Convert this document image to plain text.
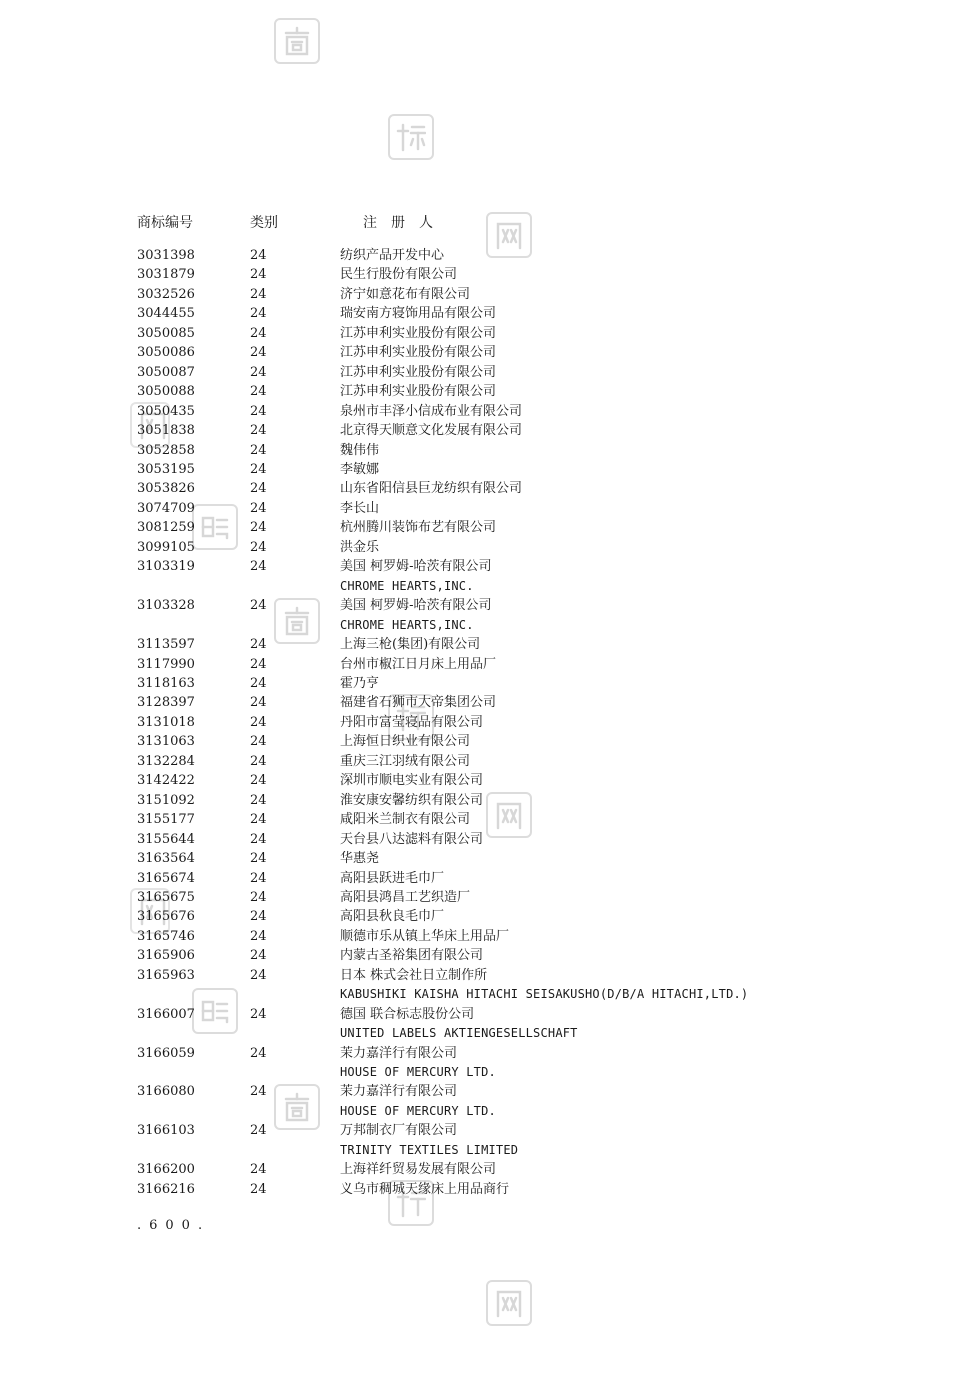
商标编号	类别	注册人
3031398	24	纺织产品开发中心
3031879	24	民生行股份有限公司
3032526	24	济宁如意花布有限公司
3044455	24	瑞安南方寝饰用品有限公司
3050085	24	江苏申利实业股份有限公司
3050086	24	江苏申利实业股份有限公司
3050087	24	江苏申利实业股份有限公司
3050088	24	江苏申利实业股份有限公司
3050435	24	泉州市丰泽小信成布业有限公司
3051838	24	北京得天顺意文化发展有限公司
3052858	24	魏伟伟
3053195	24	李敏娜
3053826	24	山东省阳信县巨龙纺织有限公司
3074709	24	李长山
3081259	24	杭州腾川装饰布艺有限公司
3099105	24	洪金乐
3103319	24	美国 柯罗姆-哈茨有限公司
CHROME HEARTS,INC.
3103328	24	美国 柯罗姆-哈茨有限公司
CHROME HEARTS,INC.
3113597	24	上海三枪(集团)有限公司
3117990	24	台州市椒江日月床上用品厂
3118163	24	霍乃亨
3128397	24	福建省石狮市大帝集团公司
3131018	24	丹阳市富莹寝品有限公司
3131063	24	上海恒日织业有限公司
3132284	24	重庆三江羽绒有限公司
3142422	24	深圳市顺电实业有限公司
3151092	24	淮安康安馨纺织有限公司
3155177	24	咸阳米兰制衣有限公司
3155644	24	天台县八达滤料有限公司
3163564	24	华惠尧
3165674	24	高阳县跃进毛巾厂
3165675	24	高阳县鸿昌工艺织造厂
3165676	24	高阳县秋良毛巾厂
3165746	24	顺德市乐从镇上华床上用品厂
3165906	24	内蒙古圣裕集团有限公司
3165963	24	日本 株式会社日立制作所
KABUSHIKI KAISHA HITACHI SEISAKUSHO(D/B/A HITACHI,LTD.)
3166007	24	德国 联合标志股份公司
UNITED LABELS AKTIENGESELLSCHAFT
3166059	24	茉力嘉洋行有限公司
HOUSE OF MERCURY LTD.
3166080	24	茉力嘉洋行有限公司
HOUSE OF MERCURY LTD.
3166103	24	万邦制衣厂有限公司
TRINITY TEXTILES LIMITED
3166200	24	上海祥纤贸易发展有限公司
3166216	24	义乌市稠城天缘床上用品商行
.600.
